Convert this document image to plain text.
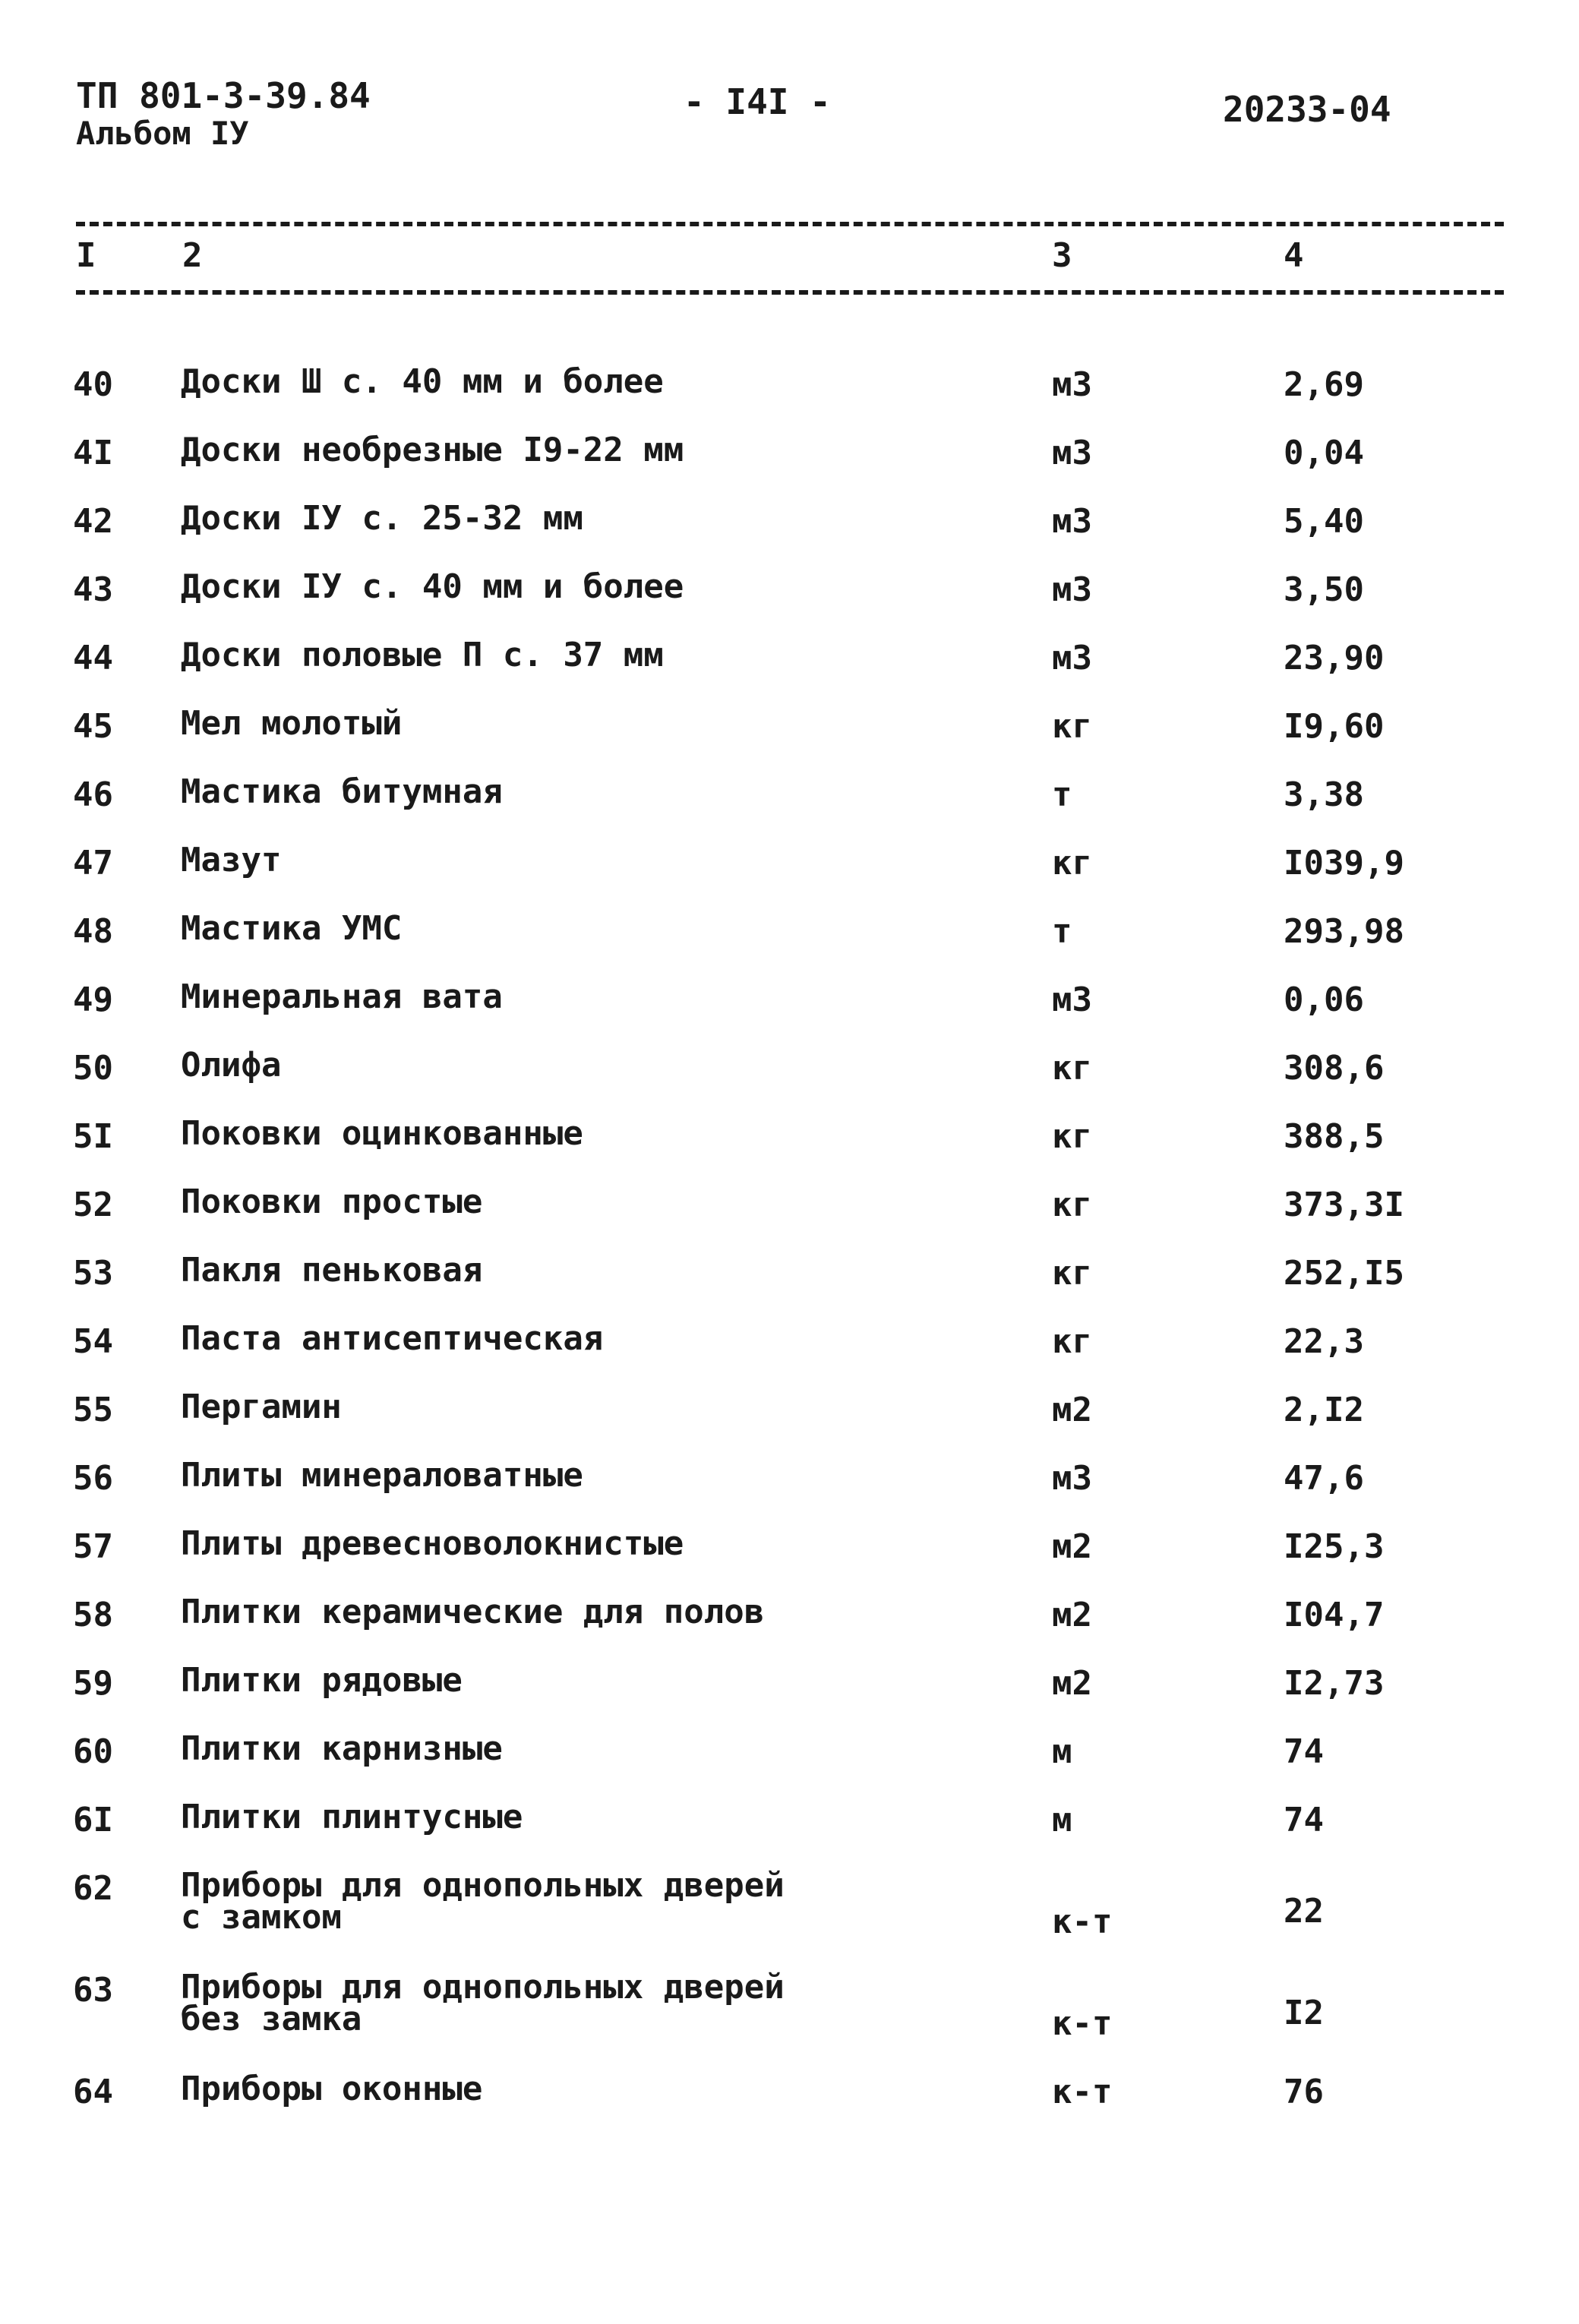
ТП 801-3-39.84
Альбом IУ
- I4I -	20233-04
I	2	3	4
40 Доски Ш с. 40 мм и более	м3	2,69
4I Доски необрезные I9-22 мм	м3	0,04
42 Доски IУ с. 25-32 мм	м3	5,40
43 Доски IУ с. 40 мм и более	м3	3,50
44 Доски половые П с. 37 мм	м3	23,90
45 Мел молотый	кг	I9,60
46 Мастика битумная	т	3,38
47 Мазут	кг	I039,9
48 Мастика УМС	т	293,98
49 Минеральная вата	м3	0,06
50 Олифа	кг	308,6
5I Поковки оцинкованные	кг	388,5
52 Поковки простые	кг	373,3I
53 Пакля пеньковая	кг	252,I5
54 Паста антисептическая	кг	22,3
55 Пергамин	м2	2,I2
56 Плиты минераловатные	м3	47,6
57 Плиты древесноволокнистые	м2	I25,3
58 Плитки керамические для полов	м2	I04,7
59 Плитки рядовые	м2	I2,73
60 Плитки карнизные	м	74
6I Плитки плинтусные	м	74
62 Приборы для однопольных дверей
с замком	к-т	22
63 Приборы для однопольных дверей
без замка	к-т	I2
64 Приборы оконные	к-т	76
